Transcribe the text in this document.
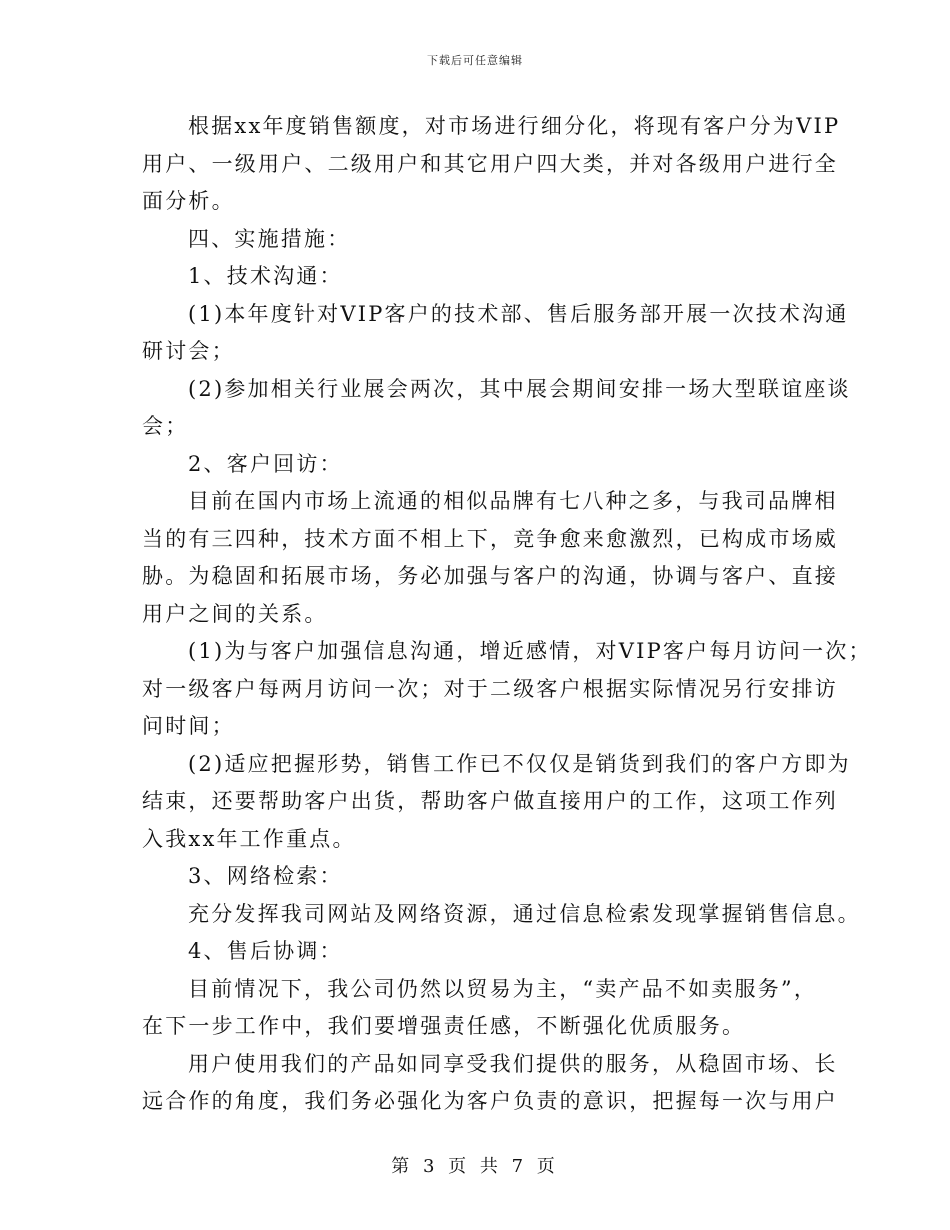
下载后可任意编辑
根据xx年度销售额度，对市场进行细分化，将现有客户分为VIP
用户、一级用户、二级用户和其它用户四大类，并对各级用户进行全
面分析。
四、实施措施：
1、技术沟通：
(1)本年度针对VIP客户的技术部、售后服务部开展一次技术沟通
研讨会；
(2)参加相关行业展会两次，其中展会期间安排一场大型联谊座谈
会；
2、客户回访：
目前在国内市场上流通的相似品牌有七八种之多，与我司品牌相
当的有三四种，技术方面不相上下，竞争愈来愈激烈，已构成市场威
胁。为稳固和拓展市场，务必加强与客户的沟通，协调与客户、直接
用户之间的关系。
(1)为与客户加强信息沟通，增近感情，对VIP客户每月访问一次；
对一级客户每两月访问一次；对于二级客户根据实际情况另行安排访
问时间；
(2)适应把握形势，销售工作已不仅仅是销货到我们的客户方即为
结束，还要帮助客户出货，帮助客户做直接用户的工作，这项工作列
入我xx年工作重点。
3、网络检索：
充分发挥我司网站及网络资源，通过信息检索发现掌握销售信息。
4、售后协调：
目前情况下，我公司仍然以贸易为主，“卖产品不如卖服务”，
在下一步工作中，我们要增强责任感，不断强化优质服务。
用户使用我们的产品如同享受我们提供的服务，从稳固市场、长
远合作的角度，我们务必强化为客户负责的意识，把握每一次与用户
第 3 页 共 7 页
